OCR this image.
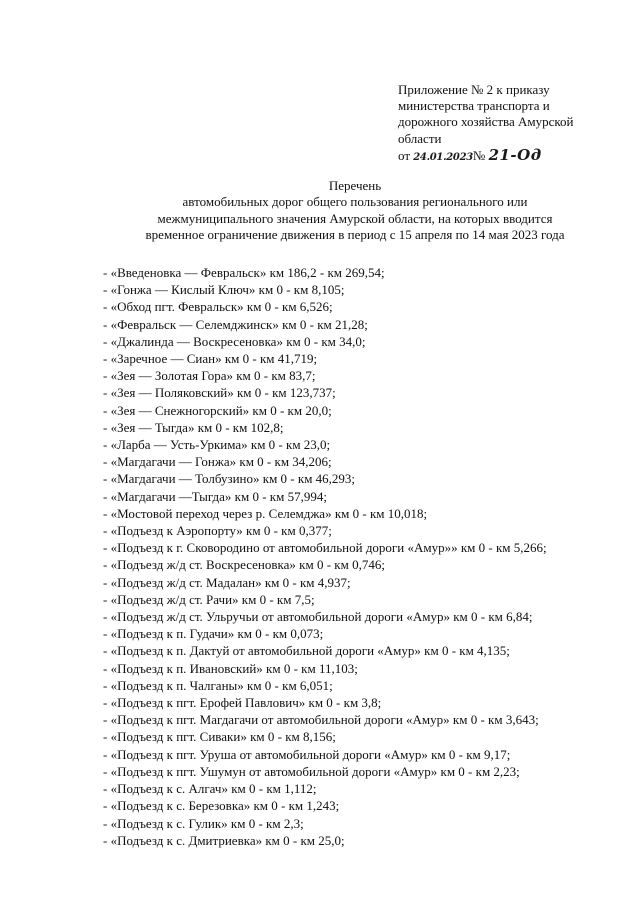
Приложение № 2 к приказу
министерства транспорта и
дорожного хозяйства Амурской
области
от 24.01.2023№ 21-Од
Перечень
автомобильных дорог общего пользования регионального или
межмуниципального значения Амурской области, на которых вводится
временное ограничение движения в период с 15 апреля по 14 мая 2023 года
- «Введеновка — Февральск» км 186,2 - км 269,54;
- «Гонжа — Кислый Ключ» км 0 - км 8,105;
- «Обход пгт. Февральск» км 0 - км 6,526;
- «Февральск — Селемджинск» км 0 - км 21,28;
- «Джалинда — Воскресеновка» км 0 - км 34,0;
- «Заречное — Сиан» км 0 - км 41,719;
- «Зея — Золотая Гора» км 0 - км 83,7;
- «Зея — Поляковский» км 0 - км 123,737;
- «Зея — Снежногорский» км 0 - км 20,0;
- «Зея — Тыгда» км 0 - км 102,8;
- «Ларба — Усть-Уркима» км 0 - км 23,0;
- «Магдагачи — Гонжа» км 0 - км 34,206;
- «Магдагачи — Толбузино» км 0 - км 46,293;
- «Магдагачи —Тыгда» км 0 - км 57,994;
- «Мостовой переход через р. Селемджа» км 0 - км 10,018;
- «Подъезд к Аэропорту» км 0 - км 0,377;
- «Подъезд к г. Сковородино от автомобильной дороги «Амур»» км 0 - км 5,266;
- «Подъезд ж/д ст. Воскресеновка» км 0 - км 0,746;
- «Подъезд ж/д ст. Мадалан» км 0 - км 4,937;
- «Подъезд ж/д ст. Рачи» км 0 - км 7,5;
- «Подъезд ж/д ст. Ульручьи от автомобильной дороги «Амур» км 0 - км 6,84;
- «Подъезд к п. Гудачи» км 0 - км 0,073;
- «Подъезд к п. Дактуй от автомобильной дороги «Амур» км 0 - км 4,135;
- «Подъезд к п. Ивановский» км 0 - км 11,103;
- «Подъезд к п. Чалганы» км 0 - км 6,051;
- «Подъезд к пгт. Ерофей Павлович» км 0 - км 3,8;
- «Подъезд к пгт. Магдагачи от автомобильной дороги «Амур» км 0 - км 3,643;
- «Подъезд к пгт. Сиваки» км 0 - км 8,156;
- «Подъезд к пгт. Уруша от автомобильной дороги «Амур» км 0 - км 9,17;
- «Подъезд к пгт. Ушумун от автомобильной дороги «Амур» км 0 - км 2,23;
- «Подъезд к с. Алгач» км 0 - км 1,112;
- «Подъезд к с. Березовка» км 0 - км 1,243;
- «Подъезд к с. Гулик» км 0 - км 2,3;
- «Подъезд к с. Дмитриевка» км 0 - км 25,0;
